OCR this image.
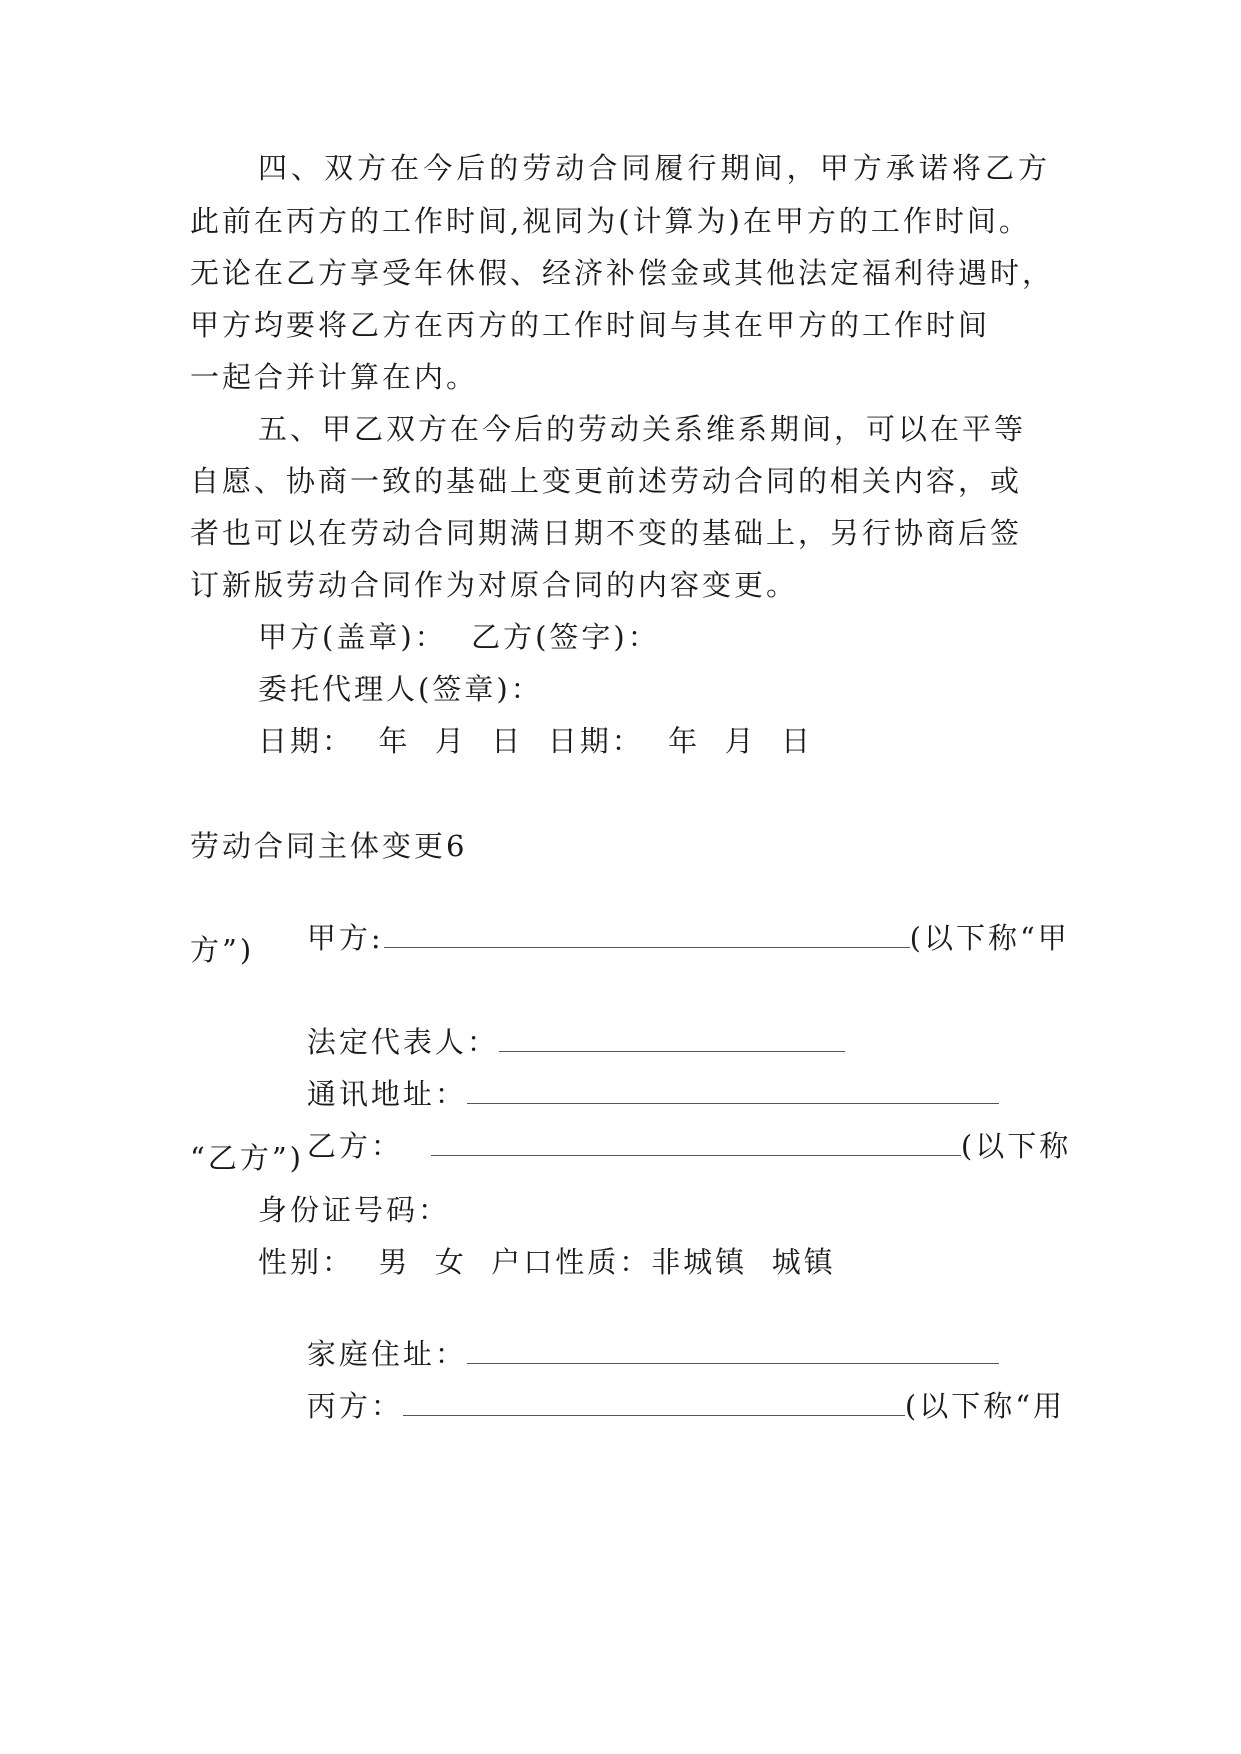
四、双方在今后的劳动合同履行期间，甲方承诺将乙方
此前在丙方的工作时间,视同为(计算为)在甲方的工作时间。
无论在乙方享受年休假、经济补偿金或其他法定福利待遇时，
甲方均要将乙方在丙方的工作时间与其在甲方的工作时间
一起合并计算在内。
五、甲乙双方在今后的劳动关系维系期间，可以在平等
自愿、协商一致的基础上变更前述劳动合同的相关内容，或
者也可以在劳动合同期满日期不变的基础上，另行协商后签
订新版劳动合同作为对原合同的内容变更。
甲方(盖章)：  乙方(签字)：
委托代理人(签章)：
日期：  年  月  日  日期：  年  月  日
劳动合同主体变更6

甲方:	(以下称“甲

方”)

法定代表人：

通讯地址：

乙方：	(以下称

“乙方”)
身份证号码：
性别：  男  女  户口性质：非城镇  城镇

家庭住址：

丙方：	(以下称“用
